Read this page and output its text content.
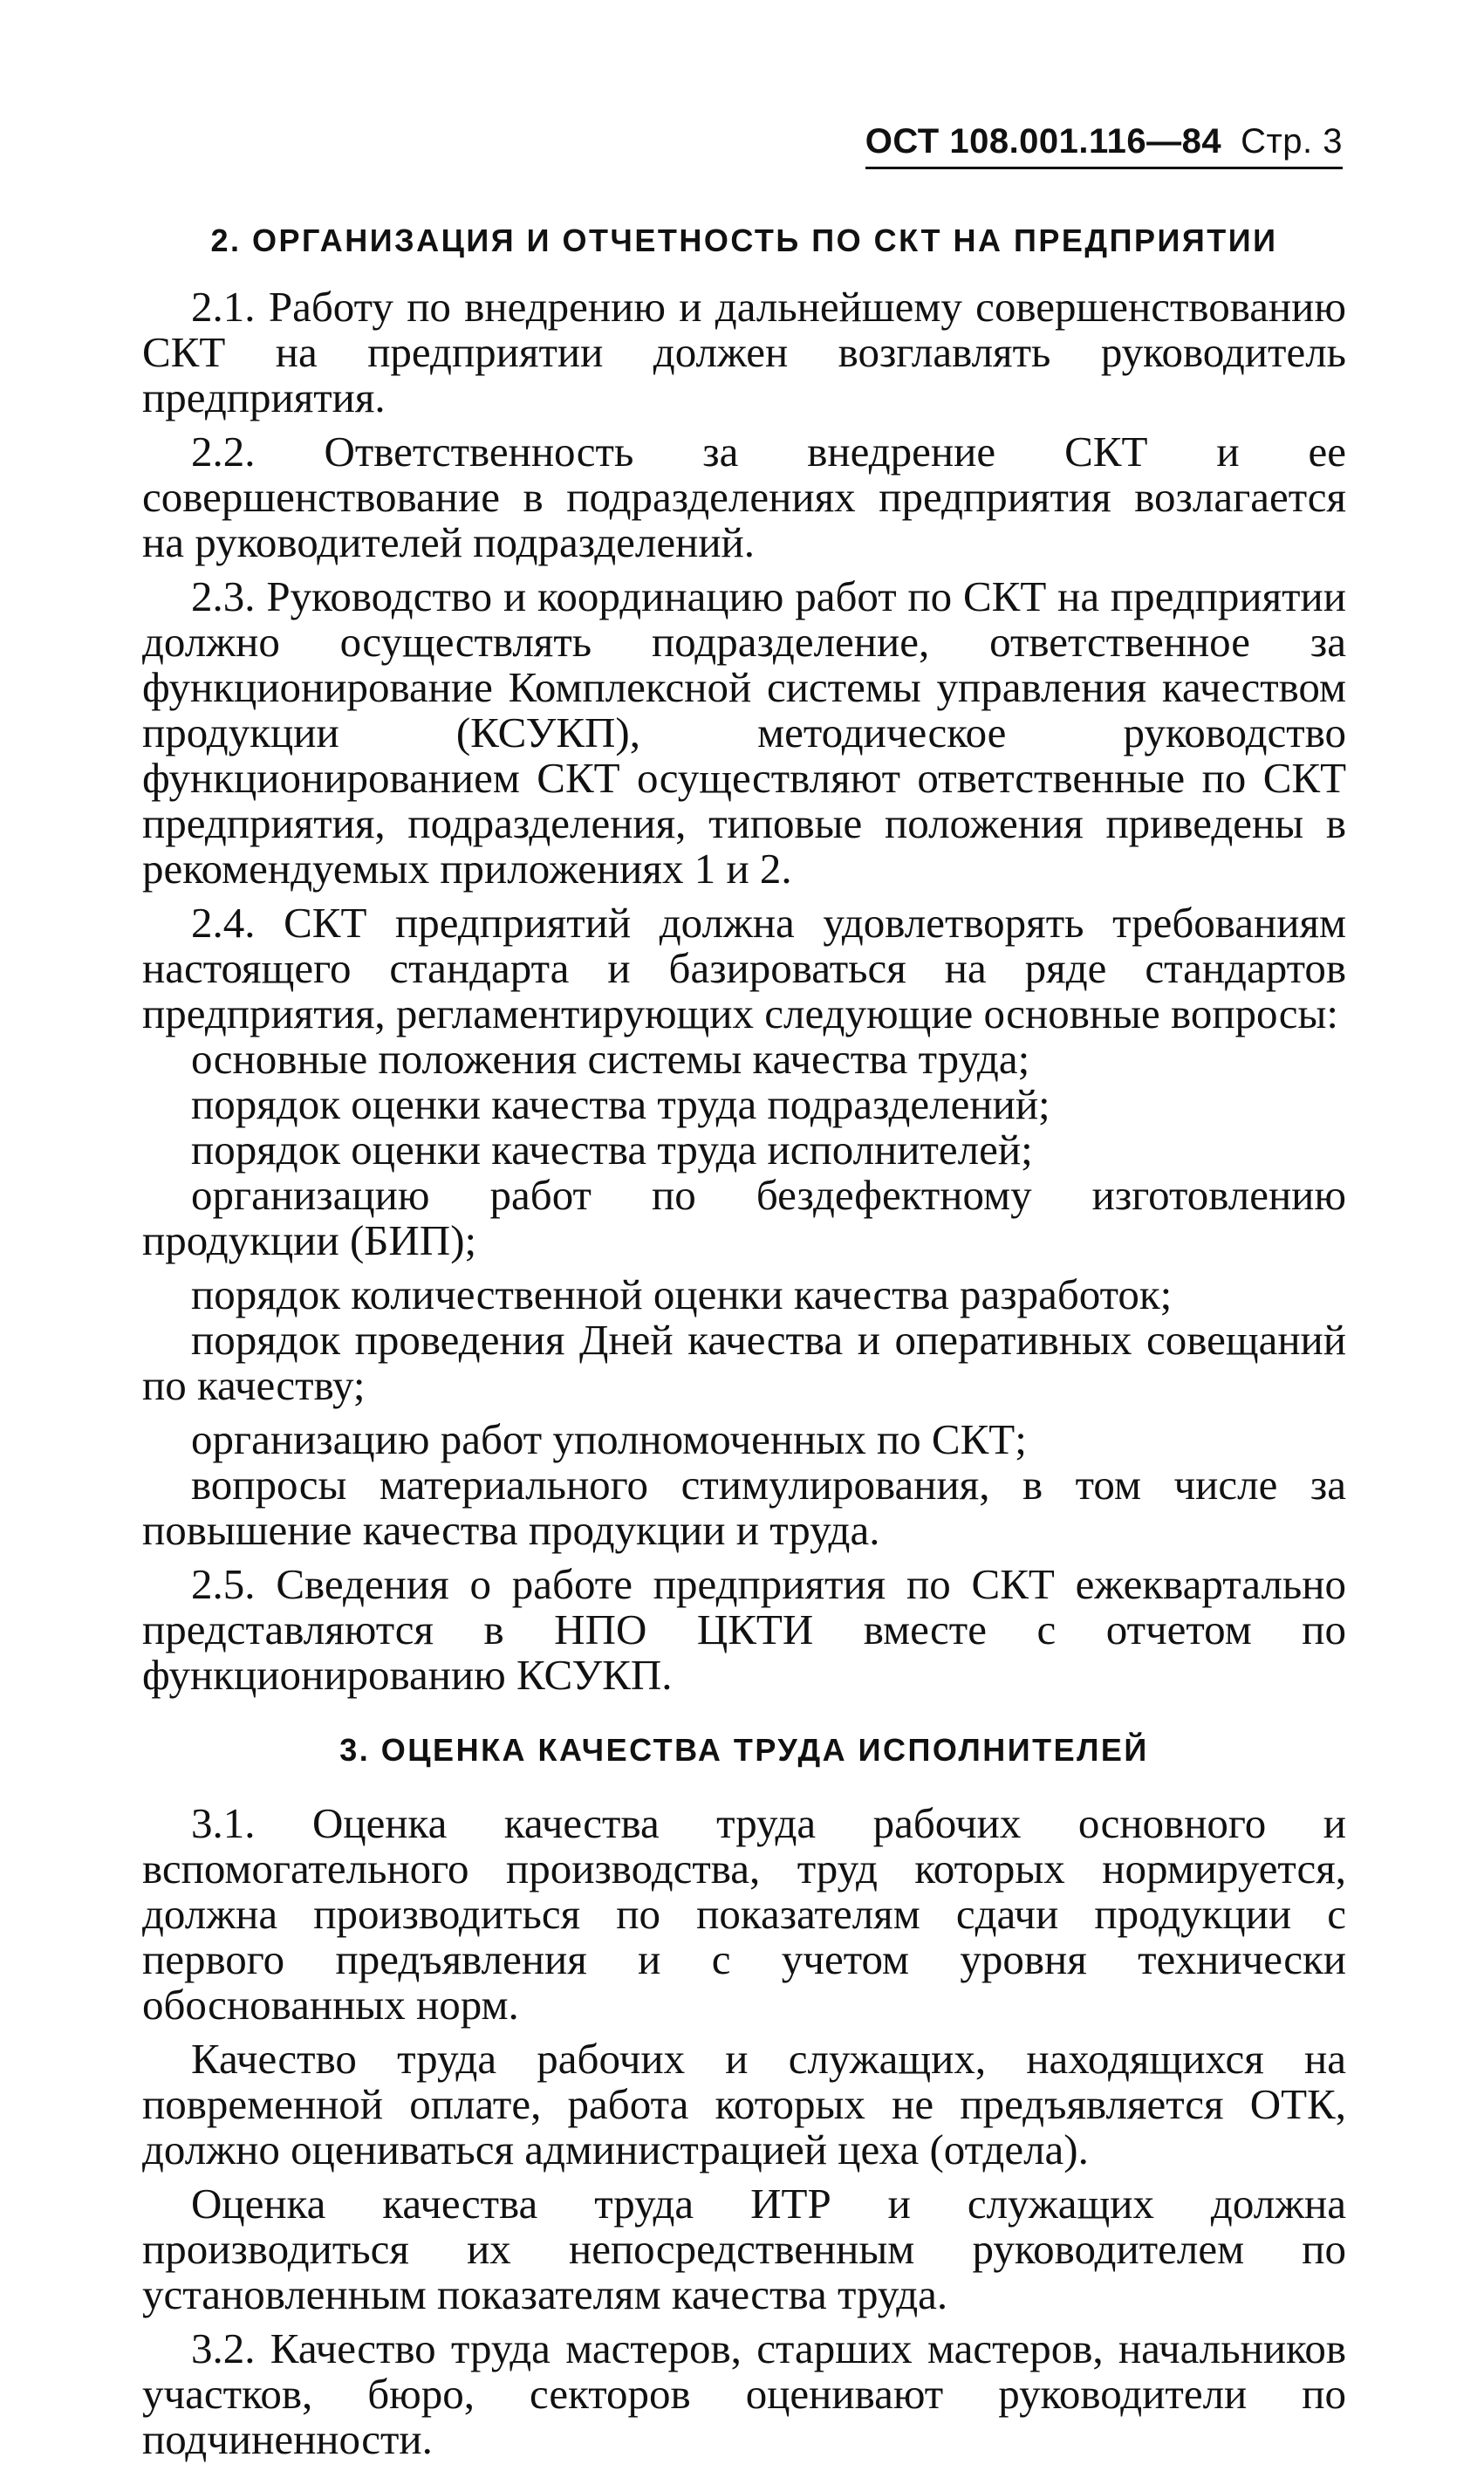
ОСТ 108.001.116—84 Стр. 3
2. ОРГАНИЗАЦИЯ И ОТЧЕТНОСТЬ ПО СКТ НА ПРЕДПРИЯТИИ

2.1. Работу по внедрению и дальнейшему совершенствованию СКТ на предприятии должен возглавлять руководитель предприятия.

2.2. Ответственность за внедрение СКТ и ее совершенствование в подразделениях предприятия возлагается на руководителей подразделений.

2.3. Руководство и координацию работ по СКТ на предприятии должно осуществлять подразделение, ответственное за функционирование Комплексной системы управления качеством продукции (КСУКП), методическое руководство функционированием СКТ осуществляют ответственные по СКТ предприятия, подразделения, типовые положения приведены в рекомендуемых приложениях 1 и 2.

2.4. СКТ предприятий должна удовлетворять требованиям настоящего стандарта и базироваться на ряде стандартов предприятия, регламентирующих следующие основные вопросы:

основные положения системы качества труда;

порядок оценки качества труда подразделений;

порядок оценки качества труда исполнителей;

организацию работ по бездефектному изготовлению продукции (БИП);

порядок количественной оценки качества разработок;

порядок проведения Дней качества и оперативных совещаний по качеству;

организацию работ уполномоченных по СКТ;

вопросы материального стимулирования, в том числе за повышение качества продукции и труда.

2.5. Сведения о работе предприятия по СКТ ежеквартально представляются в НПО ЦКТИ вместе с отчетом по функционированию КСУКП.

3. ОЦЕНКА КАЧЕСТВА ТРУДА ИСПОЛНИТЕЛЕЙ

3.1. Оценка качества труда рабочих основного и вспомогательного производства, труд которых нормируется, должна производиться по показателям сдачи продукции с первого предъявления и с учетом уровня технически обоснованных норм.

Качество труда рабочих и служащих, находящихся на повременной оплате, работа которых не предъявляется ОТК, должно оцениваться администрацией цеха (отдела).

Оценка качества труда ИТР и служащих должна производиться их непосредственным руководителем по установленным показателям качества труда.

3.2. Качество труда мастеров, старших мастеров, начальников участков, бюро, секторов оценивают руководители по подчиненности.
